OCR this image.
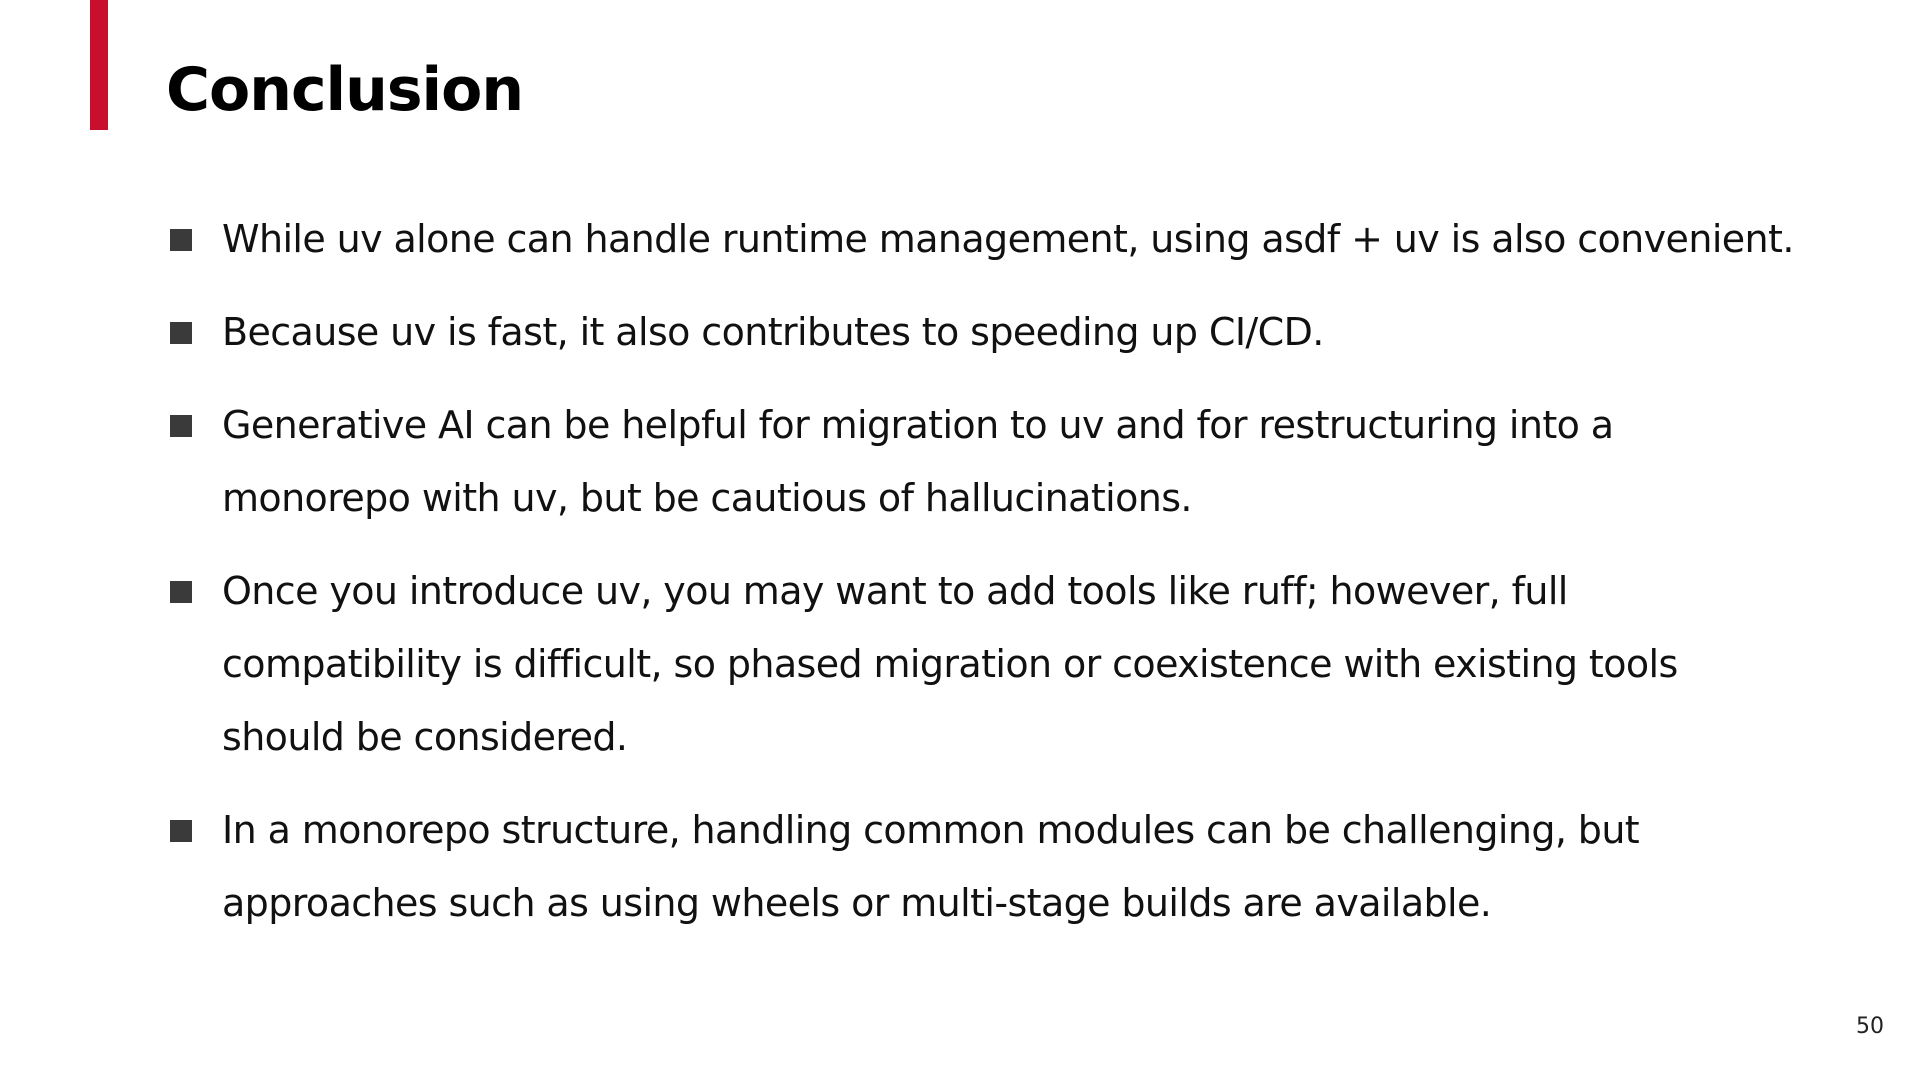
Conclusion
While uv alone can handle runtime management, using asdf + uv is also convenient.
Because uv is fast, it also contributes to speeding up CI/CD.
Generative AI can be helpful for migration to uv and for restructuring into a monorepo with uv, but be cautious of hallucinations.
Once you introduce uv, you may want to add tools like ruff; however, full compatibility is difficult, so phased migration or coexistence with existing tools should be considered.
In a monorepo structure, handling common modules can be challenging, but approaches such as using wheels or multi-stage builds are available.
50
